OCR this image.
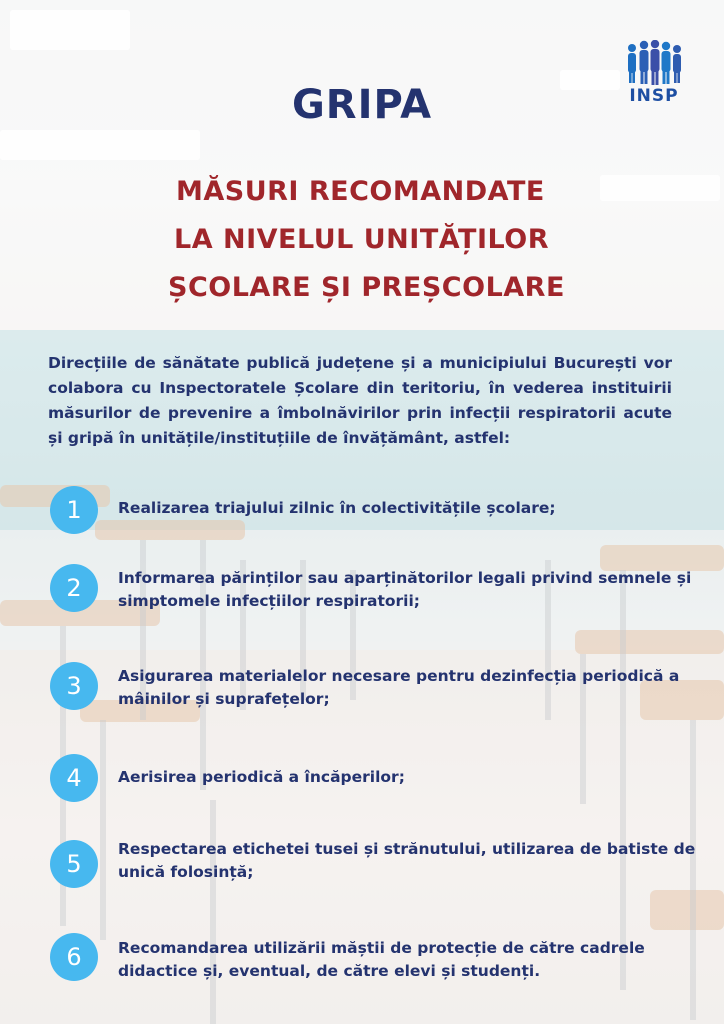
INSP
GRIPA
MĂSURI RECOMANDATE
LA NIVELUL UNITĂȚILOR
ȘCOLARE ȘI PREȘCOLARE
Direcțiile de sănătate publică județene și a municipiului București vor colabora cu Inspectoratele Școlare din teritoriu, în vederea instituirii măsurilor de prevenire a îmbolnăvirilor prin infecții respiratorii acute și gripă în unitățile/instituțiile de învățământ, astfel:
1	Realizarea triajului zilnic în colectivitățile școlare;
2	Informarea părinților sau aparținătorilor legali privind semnele și simptomele infecțiilor respiratorii;
3	Asigurarea materialelor necesare pentru dezinfecția periodică a mâinilor și suprafețelor;
4	Aerisirea periodică a încăperilor;
5
Respectarea etichetei tusei și strănutului, utilizarea de batiste de unică folosință;
6	Recomandarea utilizării măștii de protecție de către cadrele didactice și, eventual, de către elevi și studenți.
